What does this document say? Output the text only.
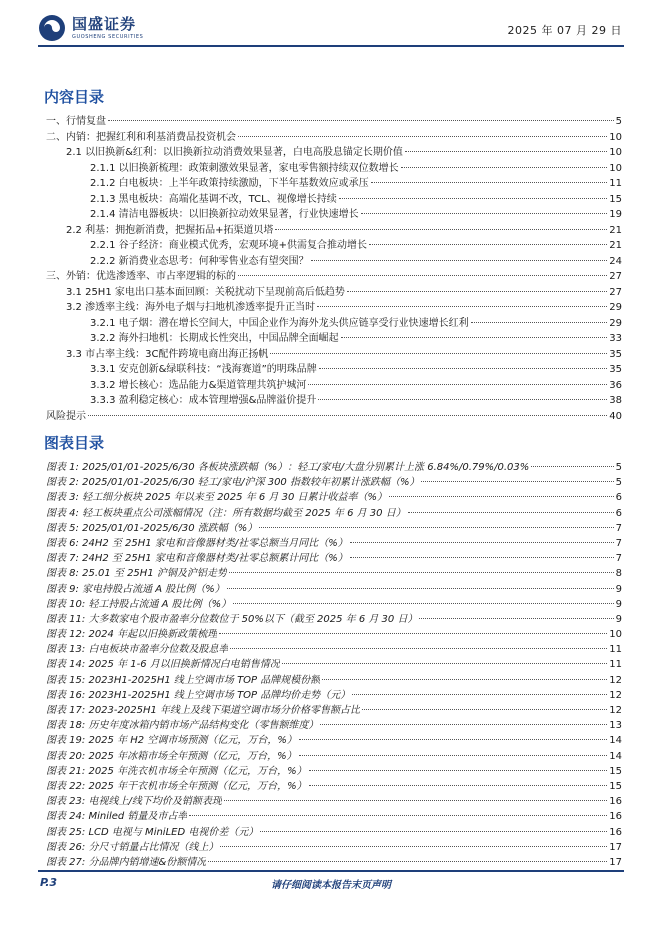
国盛证券
GUOSHENG SECURITIES	2025 年 07 月 29 日
内容目录
一、行情复盘	5
二、内销：把握红利和利基消费品投资机会	10
2.1 以旧换新&红利：以旧换新拉动消费效果显著，白电高股息锚定长期价值	10
2.1.1 以旧换新梳理：政策刺激效果显著，家电零售额持续双位数增长	10
2.1.2 白电板块：上半年政策持续激励，下半年基数效应或承压	11
2.1.3 黑电板块：高端化基调不改，TCL、视像增长持续	15
2.1.4 清洁电器板块：以旧换新拉动效果显著，行业快速增长	19
2.2 利基：拥抱新消费，把握拓品+拓渠道贝塔	21
2.2.1 谷子经济：商业模式优秀，宏观环境+供需复合推动增长	21
2.2.2 新消费业态思考：何种零售业态有望突围？	24
三、外销：优选渗透率、市占率逻辑的标的	27
3.1 25H1 家电出口基本面回顾：关税扰动下呈现前高后低趋势	27
3.2 渗透率主线：海外电子烟与扫地机渗透率提升正当时	29
3.2.1 电子烟：潜在增长空间大，中国企业作为海外龙头供应链享受行业快速增长红利	29
3.2.2 海外扫地机：长期成长性突出，中国品牌全面崛起	33
3.3 市占率主线：3C配件跨境电商出海正扬帆	35
3.3.1 安克创新&绿联科技：“浅海赛道”的明珠品牌	35
3.3.2 增长核心：选品能力&渠道管理共筑护城河	36
3.3.3 盈利稳定核心：成本管理增强&品牌溢价提升	38
风险提示	40
图表目录
图表 1: 2025/01/01-2025/6/30 各板块涨跌幅（%）：轻工/家电/大盘分别累计上涨 6.84%/0.79%/0.03%	5
图表 2: 2025/01/01-2025/6/30 轻工/家电/沪深 300 指数较年初累计涨跌幅（%）	5
图表 3: 轻工细分板块 2025 年以来至 2025 年 6 月 30 日累计收益率（%）	6
图表 4: 轻工板块重点公司涨幅情况（注：所有数据均截至 2025 年 6 月 30 日）	6
图表 5: 2025/01/01-2025/6/30 涨跌幅（%）	7
图表 6: 24H2 至 25H1 家电和音像器材类/社零总额当月同比（%）	7
图表 7: 24H2 至 25H1 家电和音像器材类/社零总额累计同比（%）	7
图表 8: 25.01 至 25H1 沪铜及沪铝走势	8
图表 9: 家电持股占流通 A 股比例（%）	9
图表 10: 轻工持股占流通 A 股比例（%）	9
图表 11: 大多数家电个股市盈率分位数位于 50%以下（截至 2025 年 6 月 30 日）	9
图表 12: 2024 年起以旧换新政策梳理	10
图表 13: 白电板块市盈率分位数及股息率	11
图表 14: 2025 年 1-6 月以旧换新情况白电销售情况	11
图表 15: 2023H1-2025H1 线上空调市场 TOP 品牌规模份额	12
图表 16: 2023H1-2025H1 线上空调市场 TOP 品牌均价走势（元）	12
图表 17: 2023-2025H1 年线上及线下渠道空调市场分价格零售额占比	12
图表 18: 历史年度冰箱内销市场产品结构变化（零售额维度）	13
图表 19: 2025 年 H2 空调市场预测（亿元，万台，%）	14
图表 20: 2025 年冰箱市场全年预测（亿元，万台，%）	14
图表 21: 2025 年洗衣机市场全年预测（亿元，万台，%）	15
图表 22: 2025 年干衣机市场全年预测（亿元，万台，%）	15
图表 23: 电视线上/线下均价及销额表现	16
图表 24: Miniled 销量及市占率	16
图表 25: LCD 电视与 MiniLED 电视价差（元）	16
图表 26: 分尺寸销量占比情况（线上）	17
图表 27: 分品牌内销增速&份额情况	17
P.3	请仔细阅读本报告末页声明
